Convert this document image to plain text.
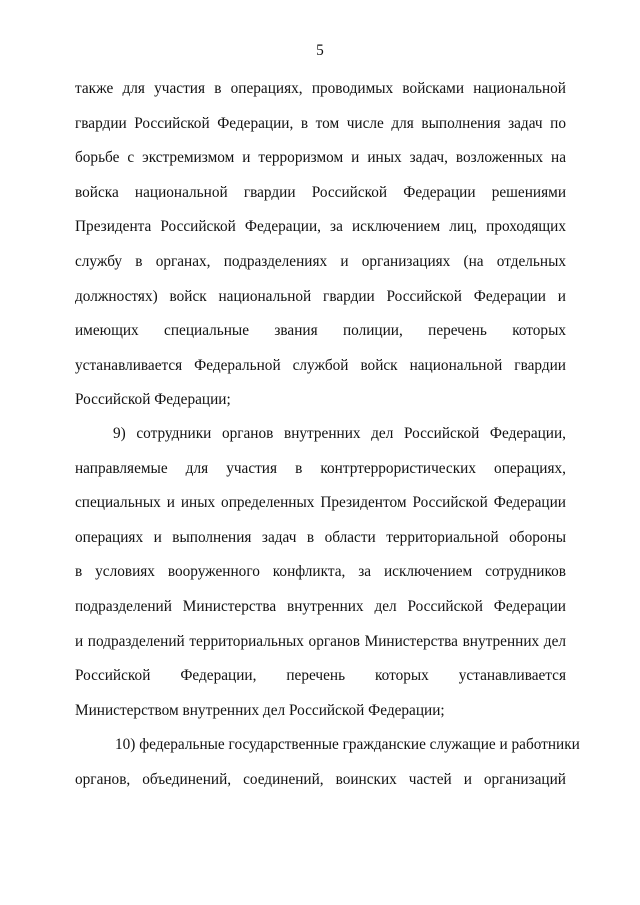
5
также для участия в операциях, проводимых войсками национальной
гвардии Российской Федерации, в том числе для выполнения задач по
борьбе с экстремизмом и терроризмом и иных задач, возложенных на
войска национальной гвардии Российской Федерации решениями
Президента Российской Федерации, за исключением лиц, проходящих
службу в органах, подразделениях и организациях (на отдельных
должностях) войск национальной гвардии Российской Федерации и
имеющих специальные звания полиции, перечень которых
устанавливается Федеральной службой войск национальной гвардии
Российской Федерации;
9) сотрудники органов внутренних дел Российской Федерации,
направляемые для участия в контртеррористических операциях,
специальных и иных определенных Президентом Российской Федерации
операциях и выполнения задач в области территориальной обороны
в условиях вооруженного конфликта, за исключением сотрудников
подразделений Министерства внутренних дел Российской Федерации
и подразделений территориальных органов Министерства внутренних дел
Российской Федерации, перечень которых устанавливается
Министерством внутренних дел Российской Федерации;
10) федеральные государственные гражданские служащие и работники
органов, объединений, соединений, воинских частей и организаций
